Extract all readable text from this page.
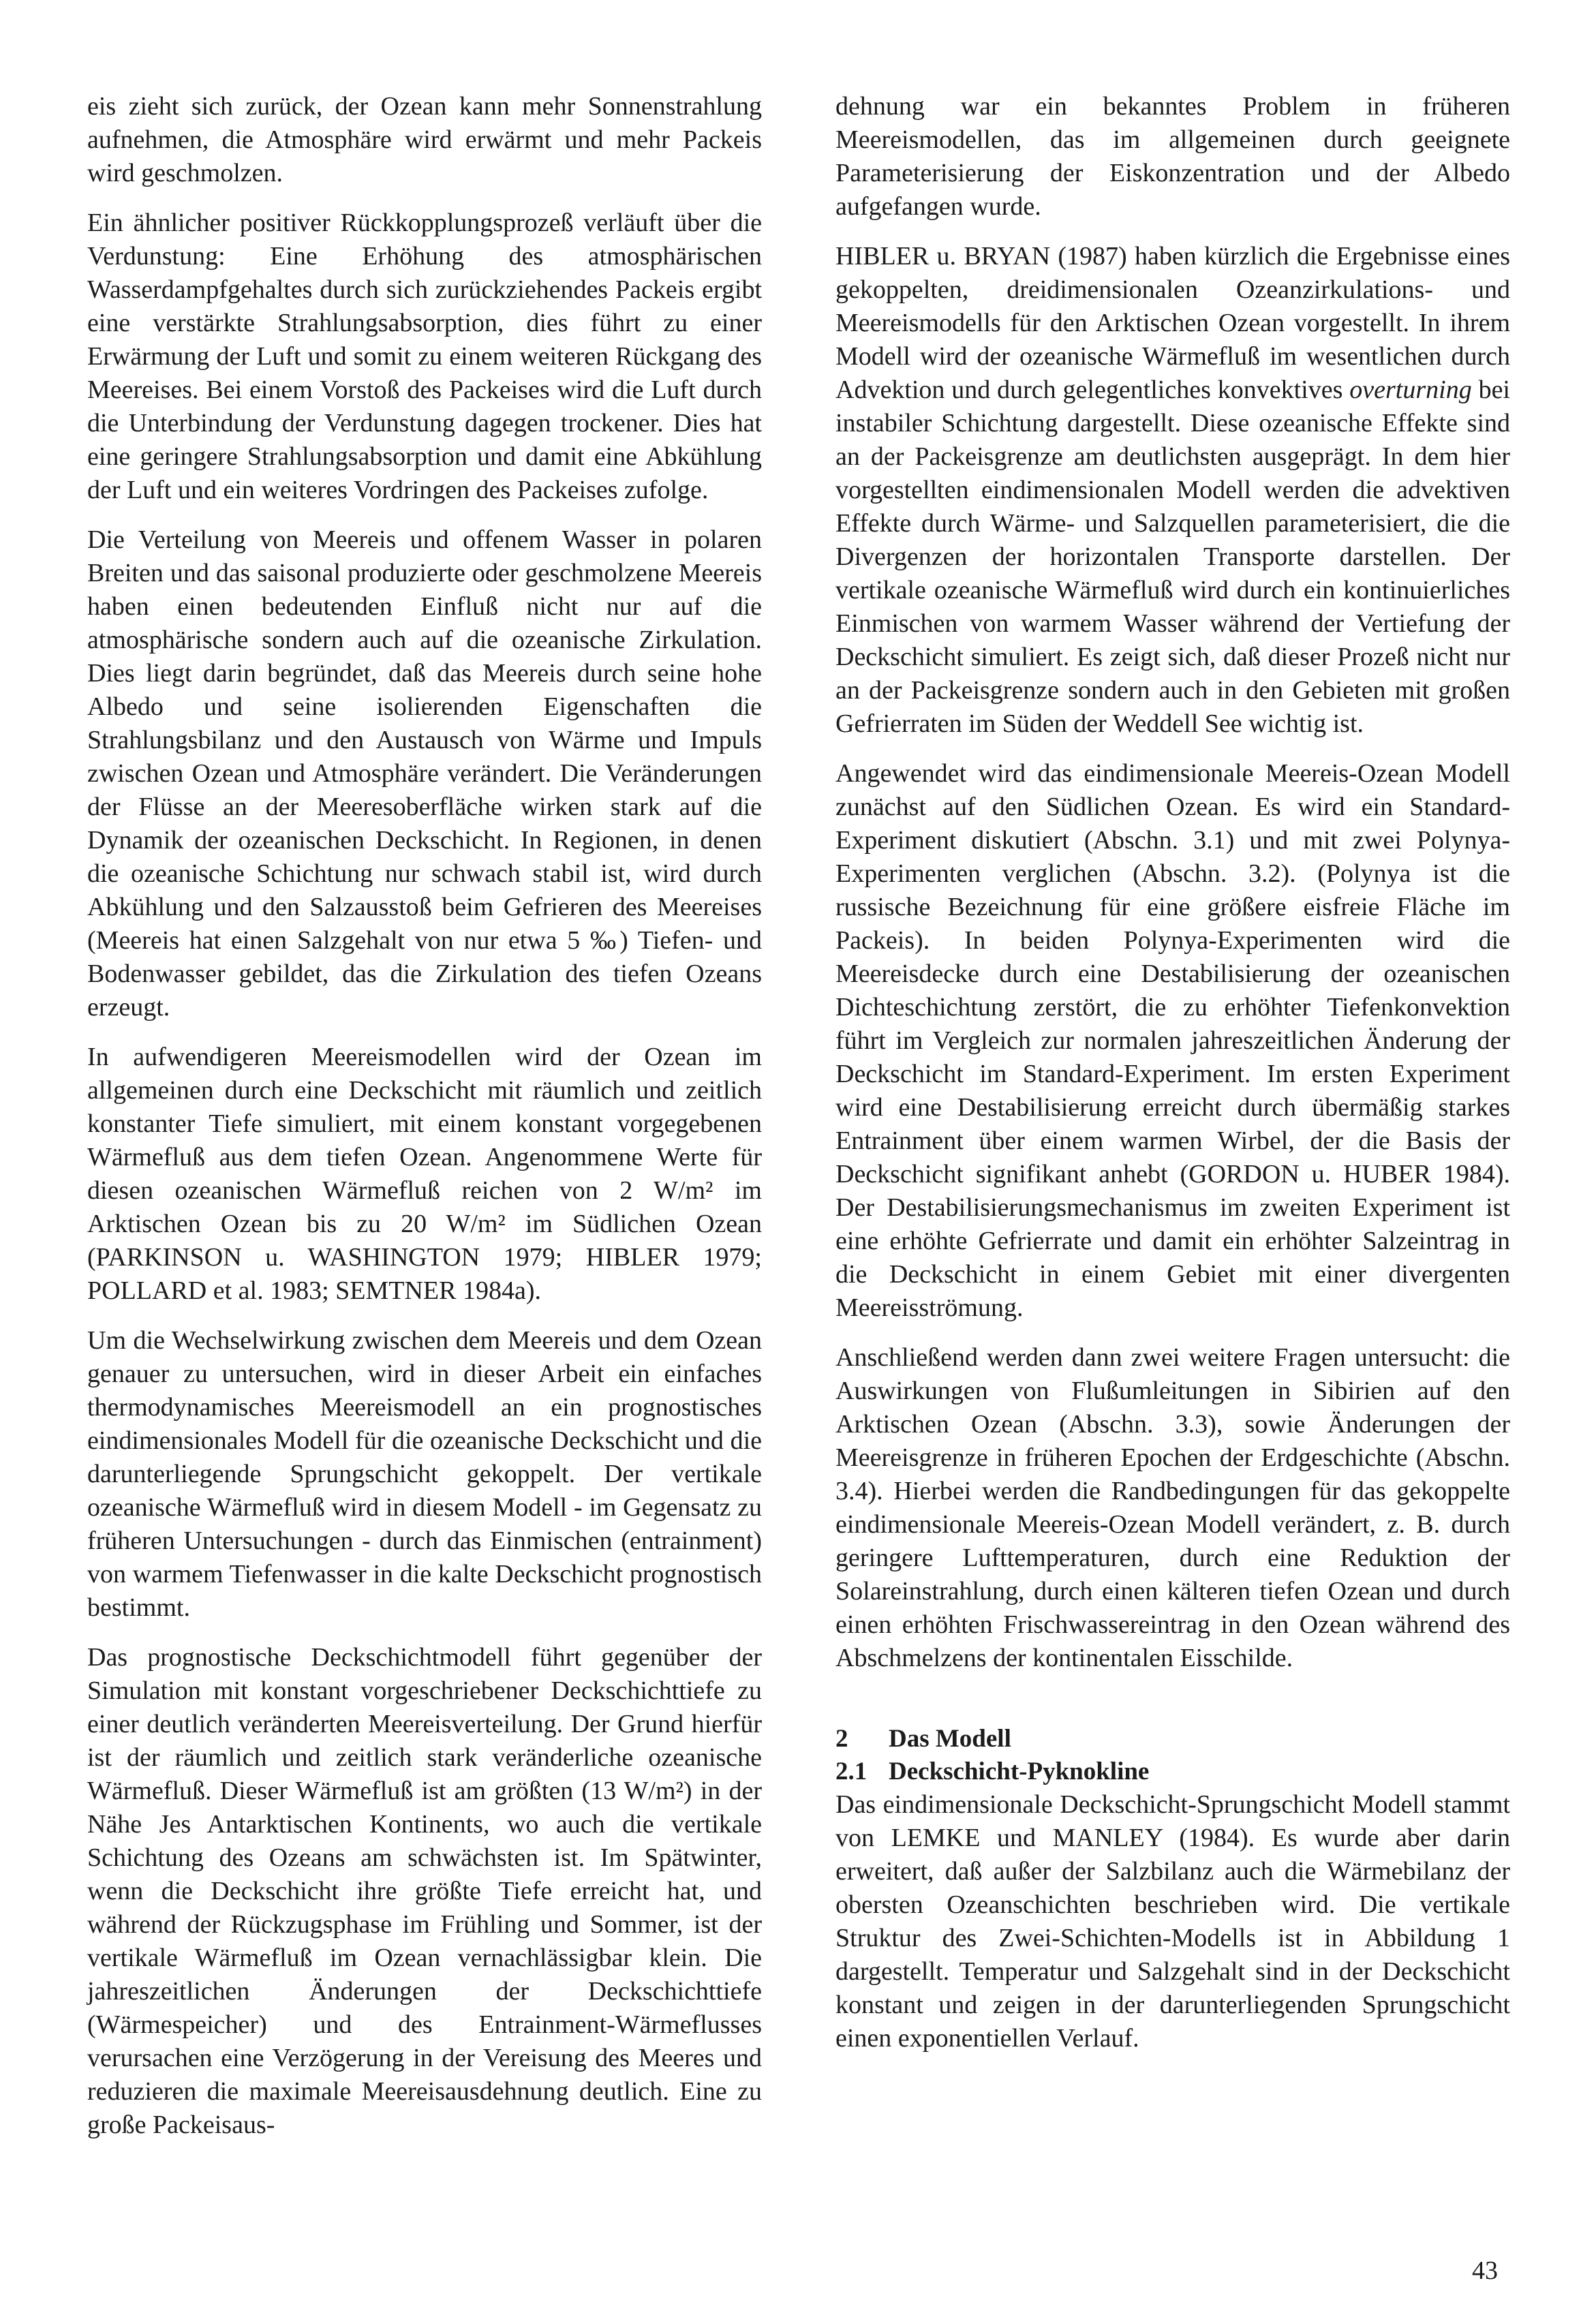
eis zieht sich zurück, der Ozean kann mehr Sonnenstrahlung aufnehmen, die Atmosphäre wird erwärmt und mehr Packeis wird geschmolzen.

Ein ähnlicher positiver Rückkopplungsprozeß verläuft über die Verdunstung: Eine Erhöhung des atmosphärischen Wasserdampfgehaltes durch sich zurückziehendes Packeis ergibt eine verstärkte Strahlungsabsorption, dies führt zu einer Erwärmung der Luft und somit zu einem weiteren Rückgang des Meereises. Bei einem Vorstoß des Packeises wird die Luft durch die Unterbindung der Verdunstung dagegen trockener. Dies hat eine geringere Strahlungsabsorption und damit eine Abkühlung der Luft und ein weiteres Vordringen des Packeises zufolge.

Die Verteilung von Meereis und offenem Wasser in polaren Breiten und das saisonal produzierte oder geschmolzene Meereis haben einen bedeutenden Einfluß nicht nur auf die atmosphärische sondern auch auf die ozeanische Zirkulation. Dies liegt darin begründet, daß das Meereis durch seine hohe Albedo und seine isolierenden Eigenschaften die Strahlungsbilanz und den Austausch von Wärme und Impuls zwischen Ozean und Atmosphäre verändert. Die Veränderungen der Flüsse an der Meeresoberfläche wirken stark auf die Dynamik der ozeanischen Deckschicht. In Regionen, in denen die ozeanische Schichtung nur schwach stabil ist, wird durch Abkühlung und den Salzausstoß beim Gefrieren des Meereises (Meereis hat einen Salzgehalt von nur etwa 5 ‰) Tiefen- und Bodenwasser gebildet, das die Zirkulation des tiefen Ozeans erzeugt.

In aufwendigeren Meereismodellen wird der Ozean im allgemeinen durch eine Deckschicht mit räumlich und zeitlich konstanter Tiefe simuliert, mit einem konstant vorgegebenen Wärmefluß aus dem tiefen Ozean. Angenommene Werte für diesen ozeanischen Wärmefluß reichen von 2 W/m² im Arktischen Ozean bis zu 20 W/m² im Südlichen Ozean (PARKINSON u. WASHINGTON 1979; HIBLER 1979; POLLARD et al. 1983; SEMTNER 1984a).

Um die Wechselwirkung zwischen dem Meereis und dem Ozean genauer zu untersuchen, wird in dieser Arbeit ein einfaches thermodynamisches Meereismodell an ein prognostisches eindimensionales Modell für die ozeanische Deckschicht und die darunterliegende Sprungschicht gekoppelt. Der vertikale ozeanische Wärmefluß wird in diesem Modell - im Gegensatz zu früheren Untersuchungen - durch das Einmischen (entrainment) von warmem Tiefenwasser in die kalte Deckschicht prognostisch bestimmt.

Das prognostische Deckschichtmodell führt gegenüber der Simulation mit konstant vorgeschriebener Deckschichttiefe zu einer deutlich veränderten Meereisverteilung. Der Grund hierfür ist der räumlich und zeitlich stark veränderliche ozeanische Wärmefluß. Dieser Wärmefluß ist am größten (13 W/m²) in der Nähe Jes Antarktischen Kontinents, wo auch die vertikale Schichtung des Ozeans am schwächsten ist. Im Spätwinter, wenn die Deckschicht ihre größte Tiefe erreicht hat, und während der Rückzugsphase im Frühling und Sommer, ist der vertikale Wärmefluß im Ozean vernachlässigbar klein. Die jahreszeitlichen Änderungen der Deckschichttiefe (Wärmespeicher) und des Entrainment-Wärmeflusses verursachen eine Verzögerung in der Vereisung des Meeres und reduzieren die maximale Meereisausdehnung deutlich. Eine zu große Packeisaus-

dehnung war ein bekanntes Problem in früheren Meereismodellen, das im allgemeinen durch geeignete Parameterisierung der Eiskonzentration und der Albedo aufgefangen wurde.

HIBLER u. BRYAN (1987) haben kürzlich die Ergebnisse eines gekoppelten, dreidimensionalen Ozeanzirkulations- und Meereismodells für den Arktischen Ozean vorgestellt. In ihrem Modell wird der ozeanische Wärmefluß im wesentlichen durch Advektion und durch gelegentliches konvektives overturning bei instabiler Schichtung dargestellt. Diese ozeanische Effekte sind an der Packeisgrenze am deutlichsten ausgeprägt. In dem hier vorgestellten eindimensionalen Modell werden die advektiven Effekte durch Wärme- und Salzquellen parameterisiert, die die Divergenzen der horizontalen Transporte darstellen. Der vertikale ozeanische Wärmefluß wird durch ein kontinuierliches Einmischen von warmem Wasser während der Vertiefung der Deckschicht simuliert. Es zeigt sich, daß dieser Prozeß nicht nur an der Packeisgrenze sondern auch in den Gebieten mit großen Gefrierraten im Süden der Weddell See wichtig ist.

Angewendet wird das eindimensionale Meereis-Ozean Modell zunächst auf den Südlichen Ozean. Es wird ein Standard-Experiment diskutiert (Abschn. 3.1) und mit zwei Polynya-Experimenten verglichen (Abschn. 3.2). (Polynya ist die russische Bezeichnung für eine größere eisfreie Fläche im Packeis). In beiden Polynya-Experimenten wird die Meereisdecke durch eine Destabilisierung der ozeanischen Dichteschichtung zerstört, die zu erhöhter Tiefenkonvektion führt im Vergleich zur normalen jahreszeitlichen Änderung der Deckschicht im Standard-Experiment. Im ersten Experiment wird eine Destabilisierung erreicht durch übermäßig starkes Entrainment über einem warmen Wirbel, der die Basis der Deckschicht signifikant anhebt (GORDON u. HUBER 1984). Der Destabilisierungsmechanismus im zweiten Experiment ist eine erhöhte Gefrierrate und damit ein erhöhter Salzeintrag in die Deckschicht in einem Gebiet mit einer divergenten Meereisströmung.

Anschließend werden dann zwei weitere Fragen untersucht: die Auswirkungen von Flußumleitungen in Sibirien auf den Arktischen Ozean (Abschn. 3.3), sowie Änderungen der Meereisgrenze in früheren Epochen der Erdgeschichte (Abschn. 3.4). Hierbei werden die Randbedingungen für das gekoppelte eindimensionale Meereis-Ozean Modell verändert, z. B. durch geringere Lufttemperaturen, durch eine Reduktion der Solareinstrahlung, durch einen kälteren tiefen Ozean und durch einen erhöhten Frischwassereintrag in den Ozean während des Abschmelzens der kontinentalen Eisschilde.

2 Das Modell
2.1 Deckschicht-Pyknokline

Das eindimensionale Deckschicht-Sprungschicht Modell stammt von LEMKE und MANLEY (1984). Es wurde aber darin erweitert, daß außer der Salzbilanz auch die Wärmebilanz der obersten Ozeanschichten beschrieben wird. Die vertikale Struktur des Zwei-Schichten-Modells ist in Abbildung 1 dargestellt. Temperatur und Salzgehalt sind in der Deckschicht konstant und zeigen in der darunterliegenden Sprungschicht einen exponentiellen Verlauf.

43
